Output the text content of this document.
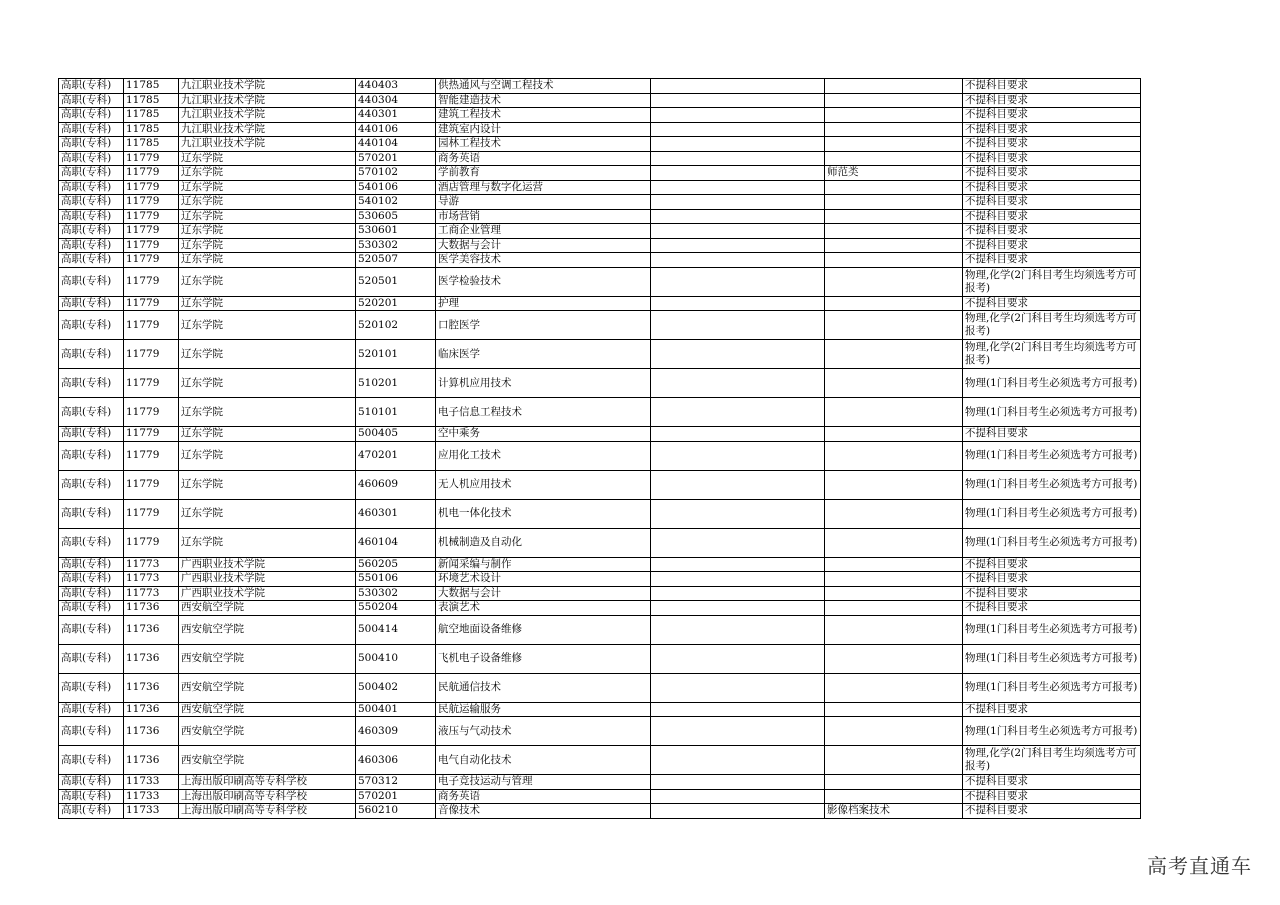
高职(专科)	11785	九江职业技术学院	440403	供热通风与空调工程技术			不提科目要求
高职(专科)	11785	九江职业技术学院	440304	智能建造技术			不提科目要求
高职(专科)	11785	九江职业技术学院	440301	建筑工程技术			不提科目要求
高职(专科)	11785	九江职业技术学院	440106	建筑室内设计			不提科目要求
高职(专科)	11785	九江职业技术学院	440104	园林工程技术			不提科目要求
高职(专科)	11779	辽东学院	570201	商务英语			不提科目要求
高职(专科)	11779	辽东学院	570102	学前教育		师范类	不提科目要求
高职(专科)	11779	辽东学院	540106	酒店管理与数字化运营			不提科目要求
高职(专科)	11779	辽东学院	540102	导游			不提科目要求
高职(专科)	11779	辽东学院	530605	市场营销			不提科目要求
高职(专科)	11779	辽东学院	530601	工商企业管理			不提科目要求
高职(专科)	11779	辽东学院	530302	大数据与会计			不提科目要求
高职(专科)	11779	辽东学院	520507	医学美容技术			不提科目要求
高职(专科)	11779	辽东学院	520501	医学检验技术			物理,化学(2门科目考生均须选考方可报考)
高职(专科)	11779	辽东学院	520201	护理			不提科目要求
高职(专科)	11779	辽东学院	520102	口腔医学			物理,化学(2门科目考生均须选考方可报考)
高职(专科)	11779	辽东学院	520101	临床医学			物理,化学(2门科目考生均须选考方可报考)
高职(专科)	11779	辽东学院	510201	计算机应用技术			物理(1门科目考生必须选考方可报考)
高职(专科)	11779	辽东学院	510101	电子信息工程技术			物理(1门科目考生必须选考方可报考)
高职(专科)	11779	辽东学院	500405	空中乘务			不提科目要求
高职(专科)	11779	辽东学院	470201	应用化工技术			物理(1门科目考生必须选考方可报考)
高职(专科)	11779	辽东学院	460609	无人机应用技术			物理(1门科目考生必须选考方可报考)
高职(专科)	11779	辽东学院	460301	机电一体化技术			物理(1门科目考生必须选考方可报考)
高职(专科)	11779	辽东学院	460104	机械制造及自动化			物理(1门科目考生必须选考方可报考)
高职(专科)	11773	广西职业技术学院	560205	新闻采编与制作			不提科目要求
高职(专科)	11773	广西职业技术学院	550106	环境艺术设计			不提科目要求
高职(专科)	11773	广西职业技术学院	530302	大数据与会计			不提科目要求
高职(专科)	11736	西安航空学院	550204	表演艺术			不提科目要求
高职(专科)	11736	西安航空学院	500414	航空地面设备维修			物理(1门科目考生必须选考方可报考)
高职(专科)	11736	西安航空学院	500410	飞机电子设备维修			物理(1门科目考生必须选考方可报考)
高职(专科)	11736	西安航空学院	500402	民航通信技术			物理(1门科目考生必须选考方可报考)
高职(专科)	11736	西安航空学院	500401	民航运输服务			不提科目要求
高职(专科)	11736	西安航空学院	460309	液压与气动技术			物理(1门科目考生必须选考方可报考)
高职(专科)	11736	西安航空学院	460306	电气自动化技术			物理,化学(2门科目考生均须选考方可报考)
高职(专科)	11733	上海出版印刷高等专科学校	570312	电子竞技运动与管理			不提科目要求
高职(专科)	11733	上海出版印刷高等专科学校	570201	商务英语			不提科目要求
高职(专科)	11733	上海出版印刷高等专科学校	560210	音像技术		影像档案技术	不提科目要求
高考直通车
